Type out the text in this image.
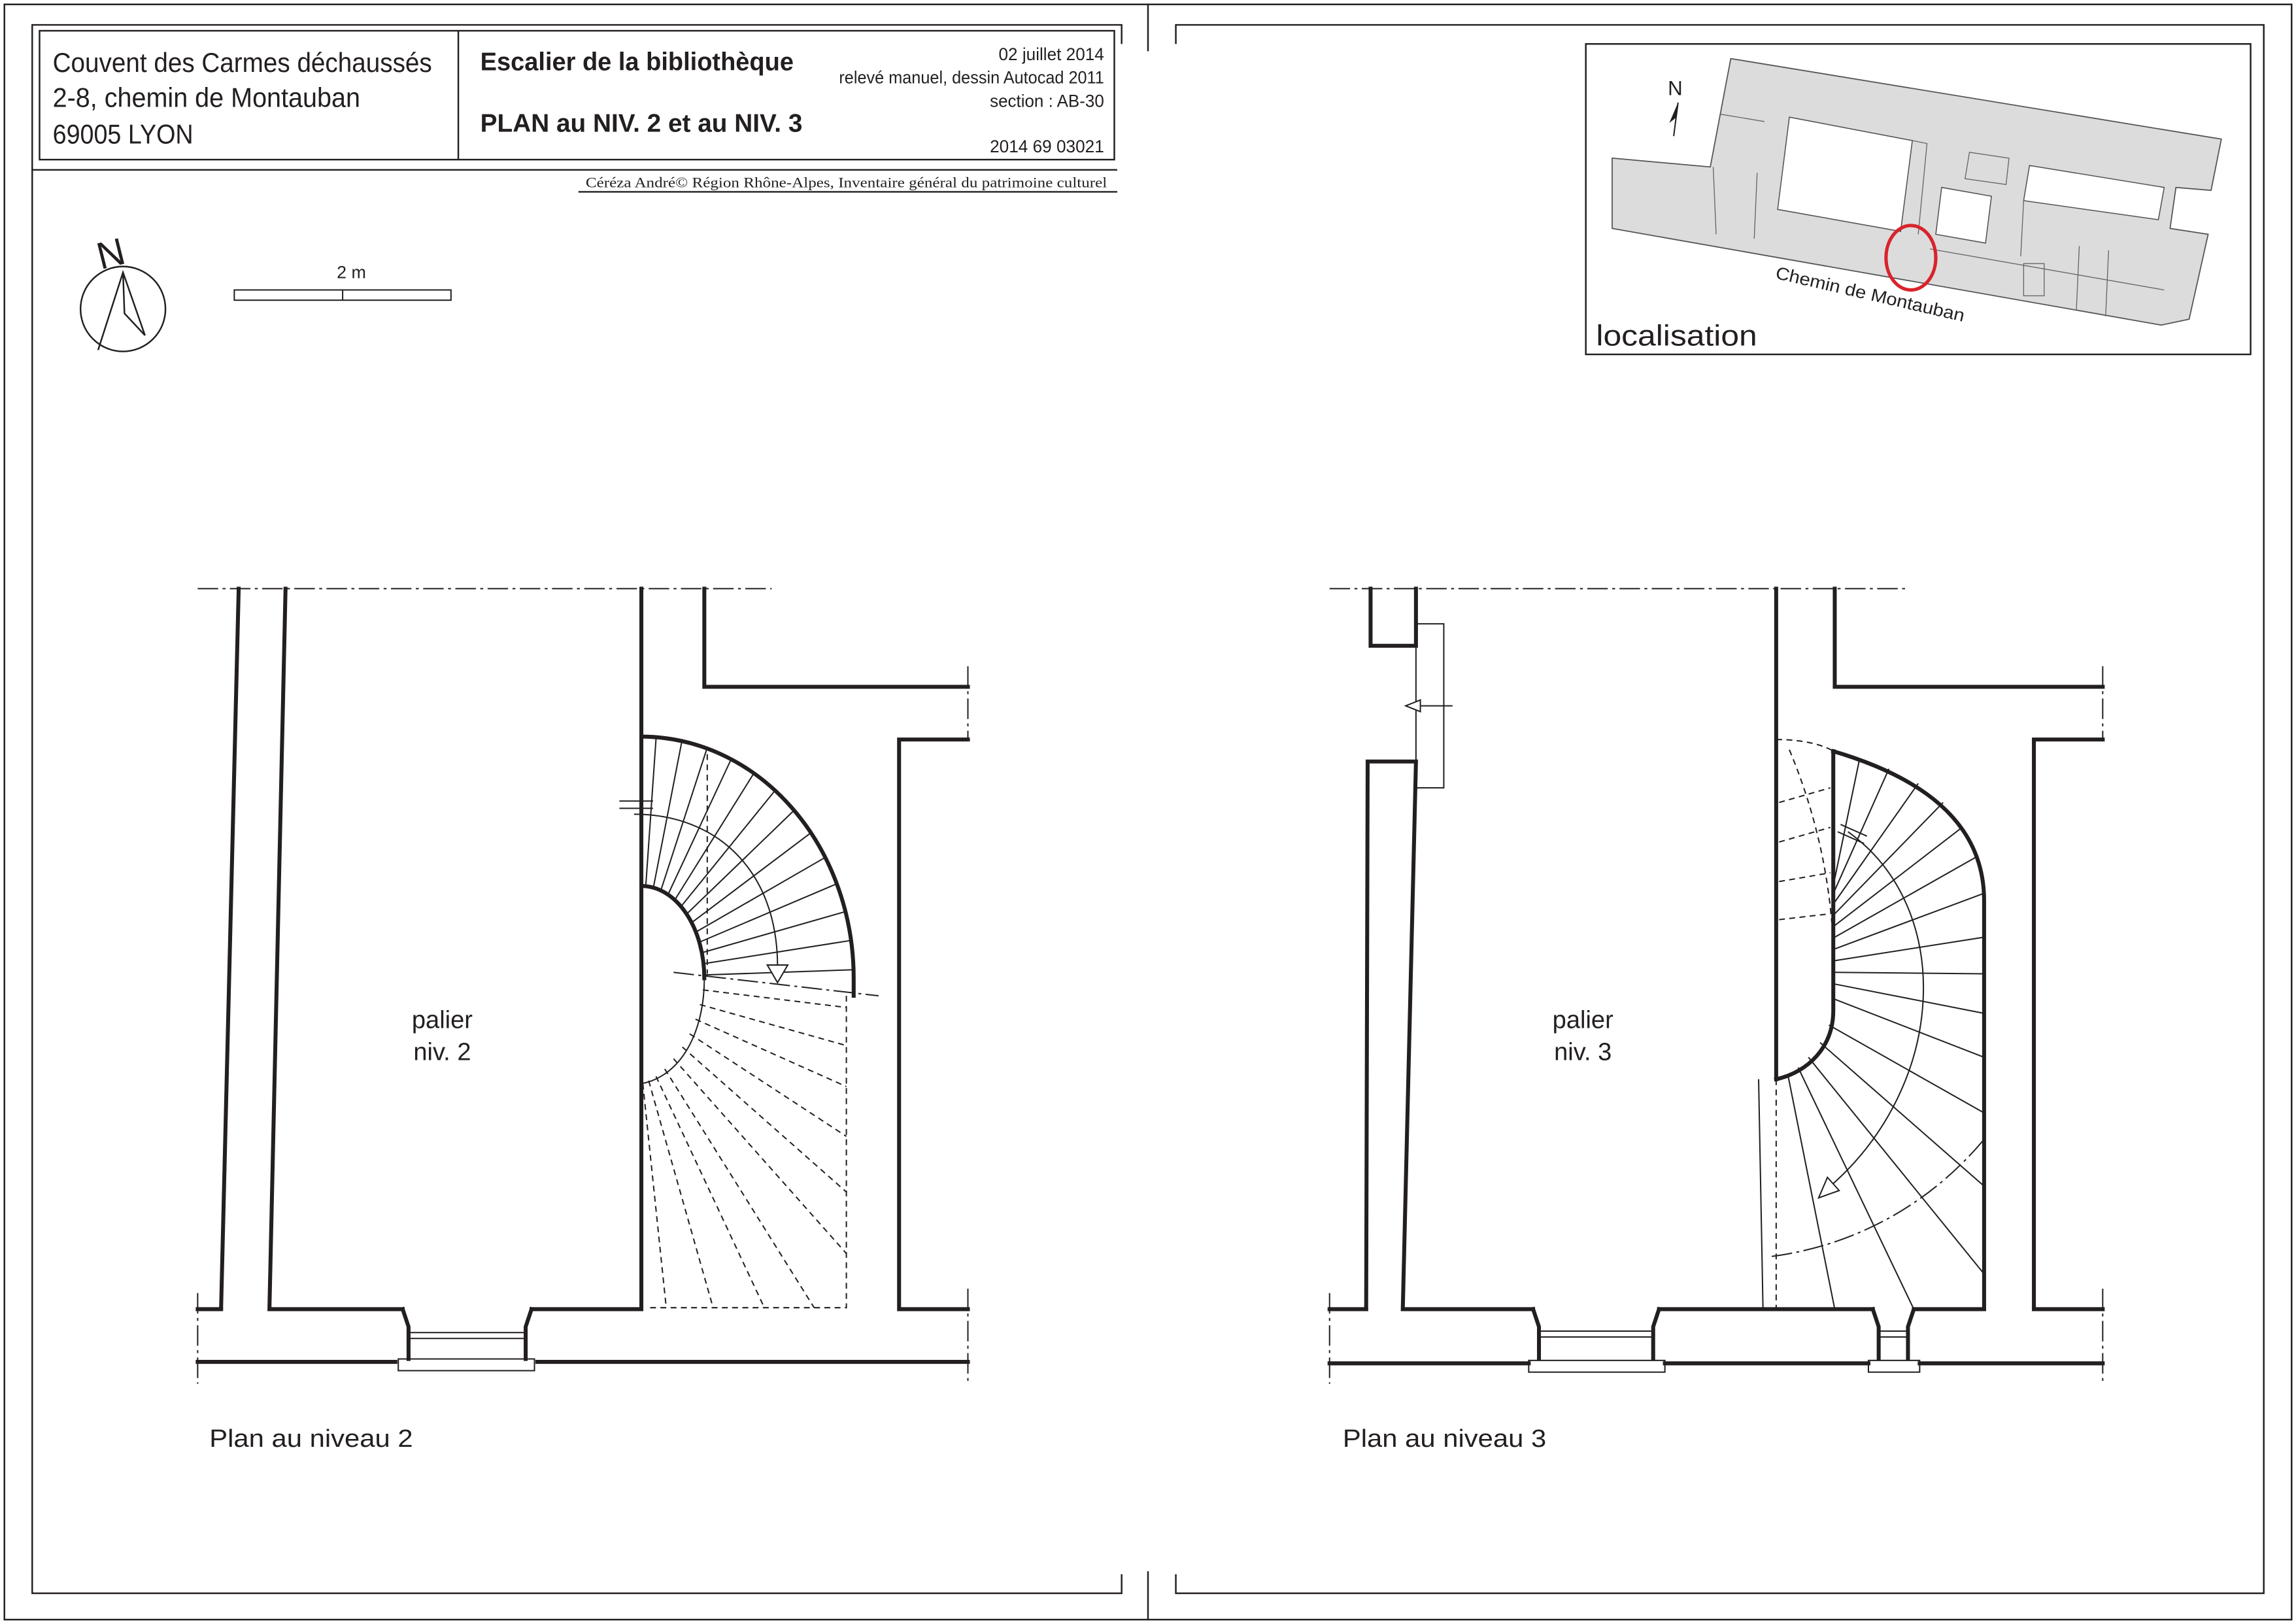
Couvent des Carmes déchaussés
2-8, chemin de Montauban
69005 LYON
Escalier de la bibliothèque
PLAN au NIV. 2 et au NIV. 3
02 juillet 2014
relevé manuel, dessin Autocad 2011
section : AB-30
2014 69 03021
Céréza André© Région Rhône-Alpes, Inventaire général du patrimoine culturel
N	2 m
N
Chemin de Montauban
localisation
palier
niv. 2
Plan au niveau 2
palier
niv. 3
Plan au niveau 3
